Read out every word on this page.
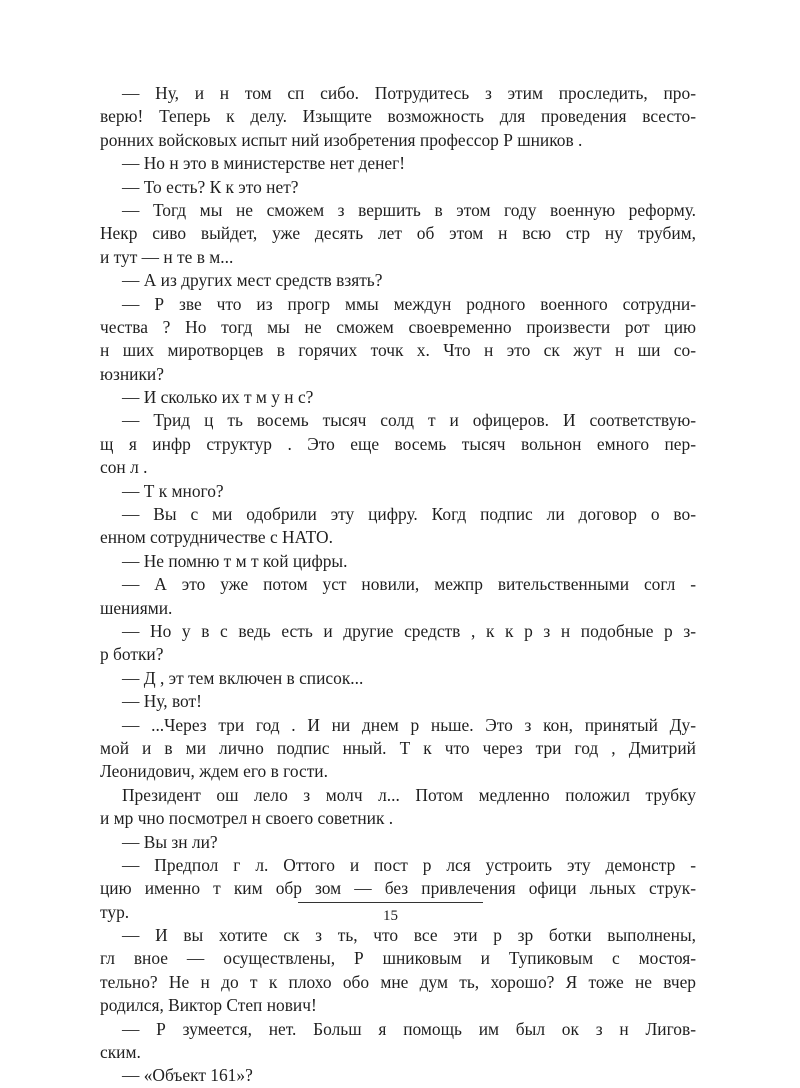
— Ну, и н том сп сибо. Потрудитесь з этим проследить, про-
верю! Теперь к делу. Изыщите возможность для проведения всесто-
ронних войсковых испыт ний изобретения профессор Р шников .
— Но н это в министерстве нет денег!
— То есть? К к это нет?
— Тогд мы не сможем з вершить в этом году военную реформу.
Некр сиво выйдет, уже десять лет об этом н всю стр ну трубим,
и тут — н те в м...
— А из других мест средств взять?
— Р зве что из прогр ммы междун родного военного сотрудни-
чества ? Но тогд мы не сможем своевременно произвести рот цию
н ших миротворцев в горячих точк х. Что н это ск жут н ши со-
юзники?
— И сколько их т м у н с?
— Трид ц ть восемь тысяч солд т и офицеров. И соответствую-
щ я инфр структур . Это еще восемь тысяч вольнон емного пер-
сон л .
— Т к много?
— Вы с ми одобрили эту цифру. Когд подпис ли договор о во-
енном сотрудничестве с НАТО.
— Не помню т м т кой цифры.
— А это уже потом уст новили, межпр вительственными согл -
шениями.
— Но у в с ведь есть и другие средств , к к р з н подобные р з-
р ботки?
— Д , эт тем включен в список...
— Ну, вот!
— ...Через три год . И ни днем р ньше. Это з кон, принятый Ду-
мой и в ми лично подпис нный. Т к что через три год , Дмитрий
Леонидович, ждем его в гости.
Президент ош лело з молч л... Потом медленно положил трубку
и мр чно посмотрел н своего советник .
— Вы зн ли?
— Предпол г л. Оттого и пост р лся устроить эту демонстр -
цию именно т ким обр зом — без привлечения офици льных струк-
тур.
— И вы хотите ск з ть, что все эти р зр ботки выполнены,
гл вное — осуществлены, Р шниковым и Тупиковым с мостоя-
тельно? Не н до т к плохо обо мне дум ть, хорошо? Я тоже не вчер
родился, Виктор Степ нович!
— Р зумеется, нет. Больш я помощь им был ок з н Лигов-
ским.
— «Объект 161»?
15
